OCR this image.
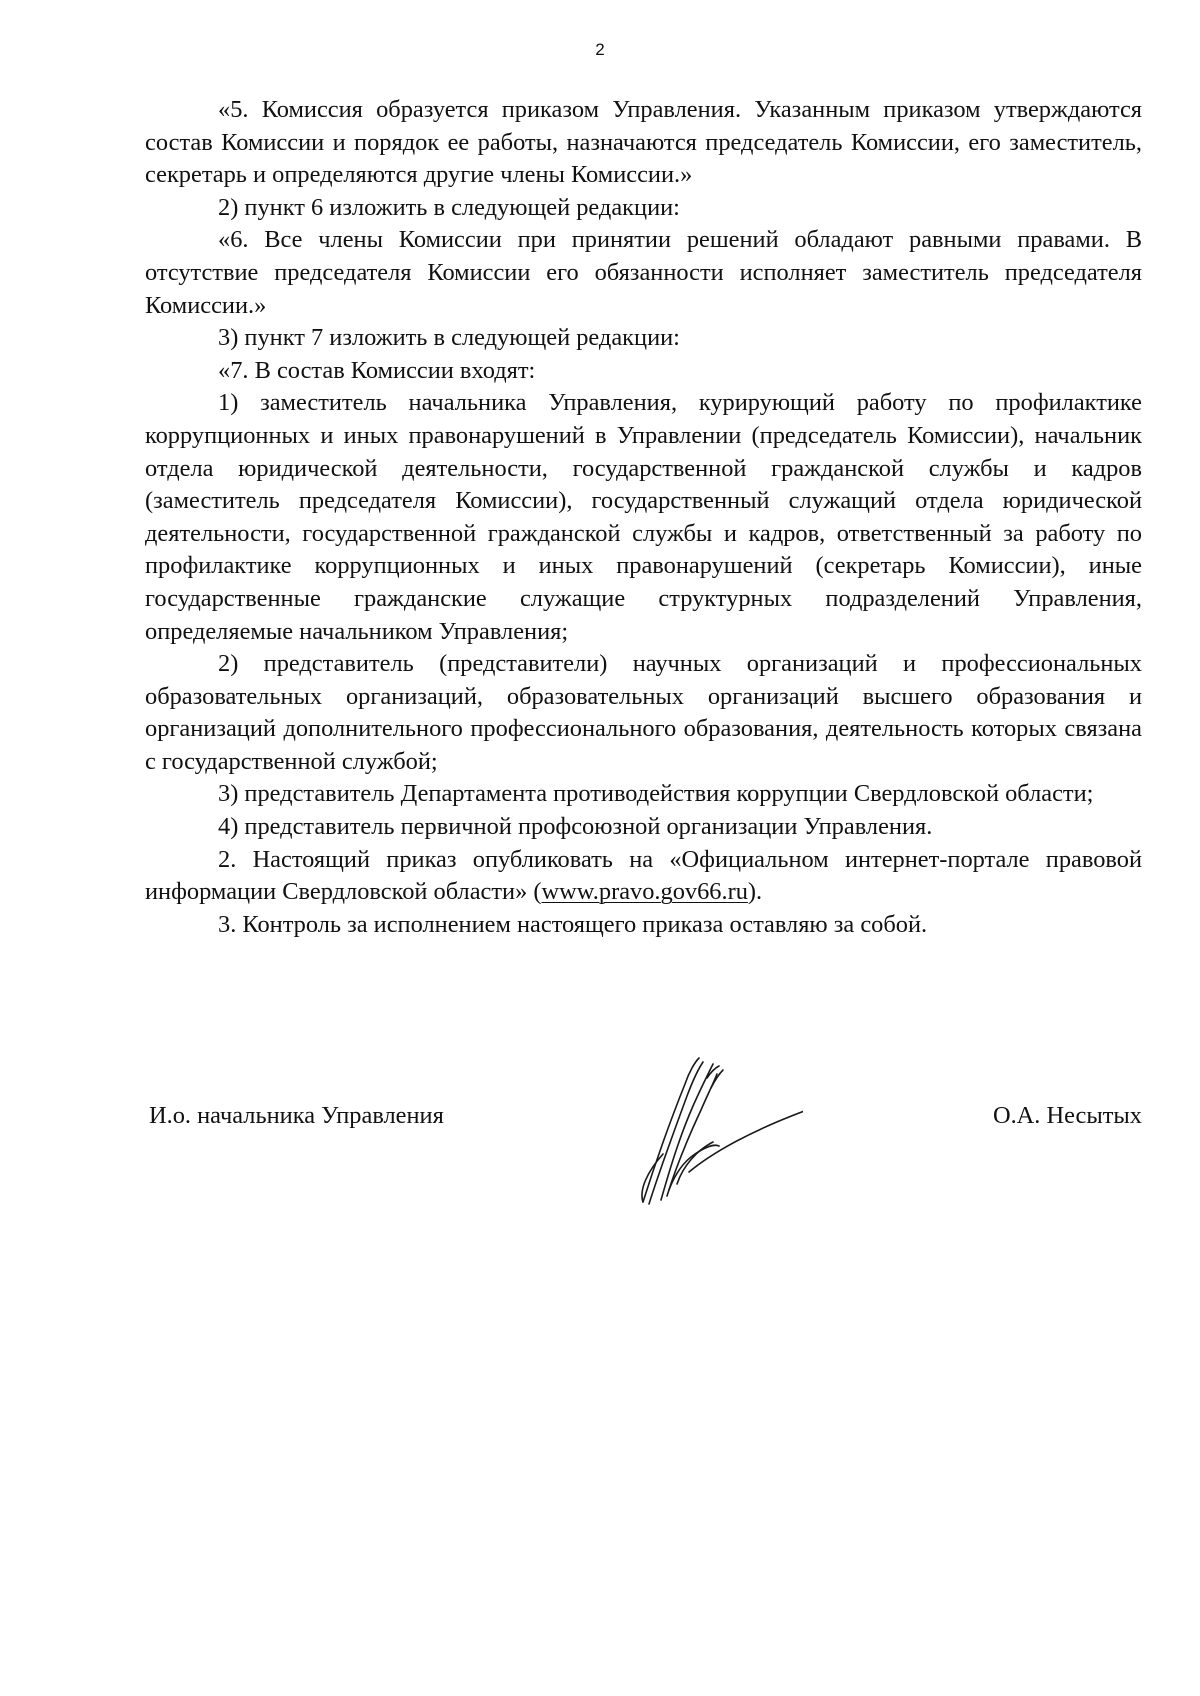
2

«5. Комиссия образуется приказом Управления. Указанным приказом утверждаются состав Комиссии и порядок ее работы, назначаются председатель Комиссии, его заместитель, секретарь и определяются другие члены Комиссии.»

2) пункт 6 изложить в следующей редакции:

«6. Все члены Комиссии при принятии решений обладают равными правами. В отсутствие председателя Комиссии его обязанности исполняет заместитель председателя Комиссии.»

3) пункт 7 изложить в следующей редакции:

«7. В состав Комиссии входят:

1) заместитель начальника Управления, курирующий работу по профилактике коррупционных и иных правонарушений в Управлении (председатель Комиссии), начальник отдела юридической деятельности, государственной гражданской службы и кадров (заместитель председателя Комиссии), государственный служащий отдела юридической деятельности, государственной гражданской службы и кадров, ответственный за работу по профилактике коррупционных и иных правонарушений (секретарь Комиссии), иные государственные гражданские служащие структурных подразделений Управления, определяемые начальником Управления;

2) представитель (представители) научных организаций и профессиональных образовательных организаций, образовательных организаций высшего образования и организаций дополнительного профессионального образования, деятельность которых связана с государственной службой;

3) представитель Департамента противодействия коррупции Свердловской области;

4) представитель первичной профсоюзной организации Управления.

2. Настоящий приказ опубликовать на «Официальном интернет-портале правовой информации Свердловской области» (www.pravo.gov66.ru).

3. Контроль за исполнением настоящего приказа оставляю за собой.

И.о. начальника Управления	О.А. Несытых
